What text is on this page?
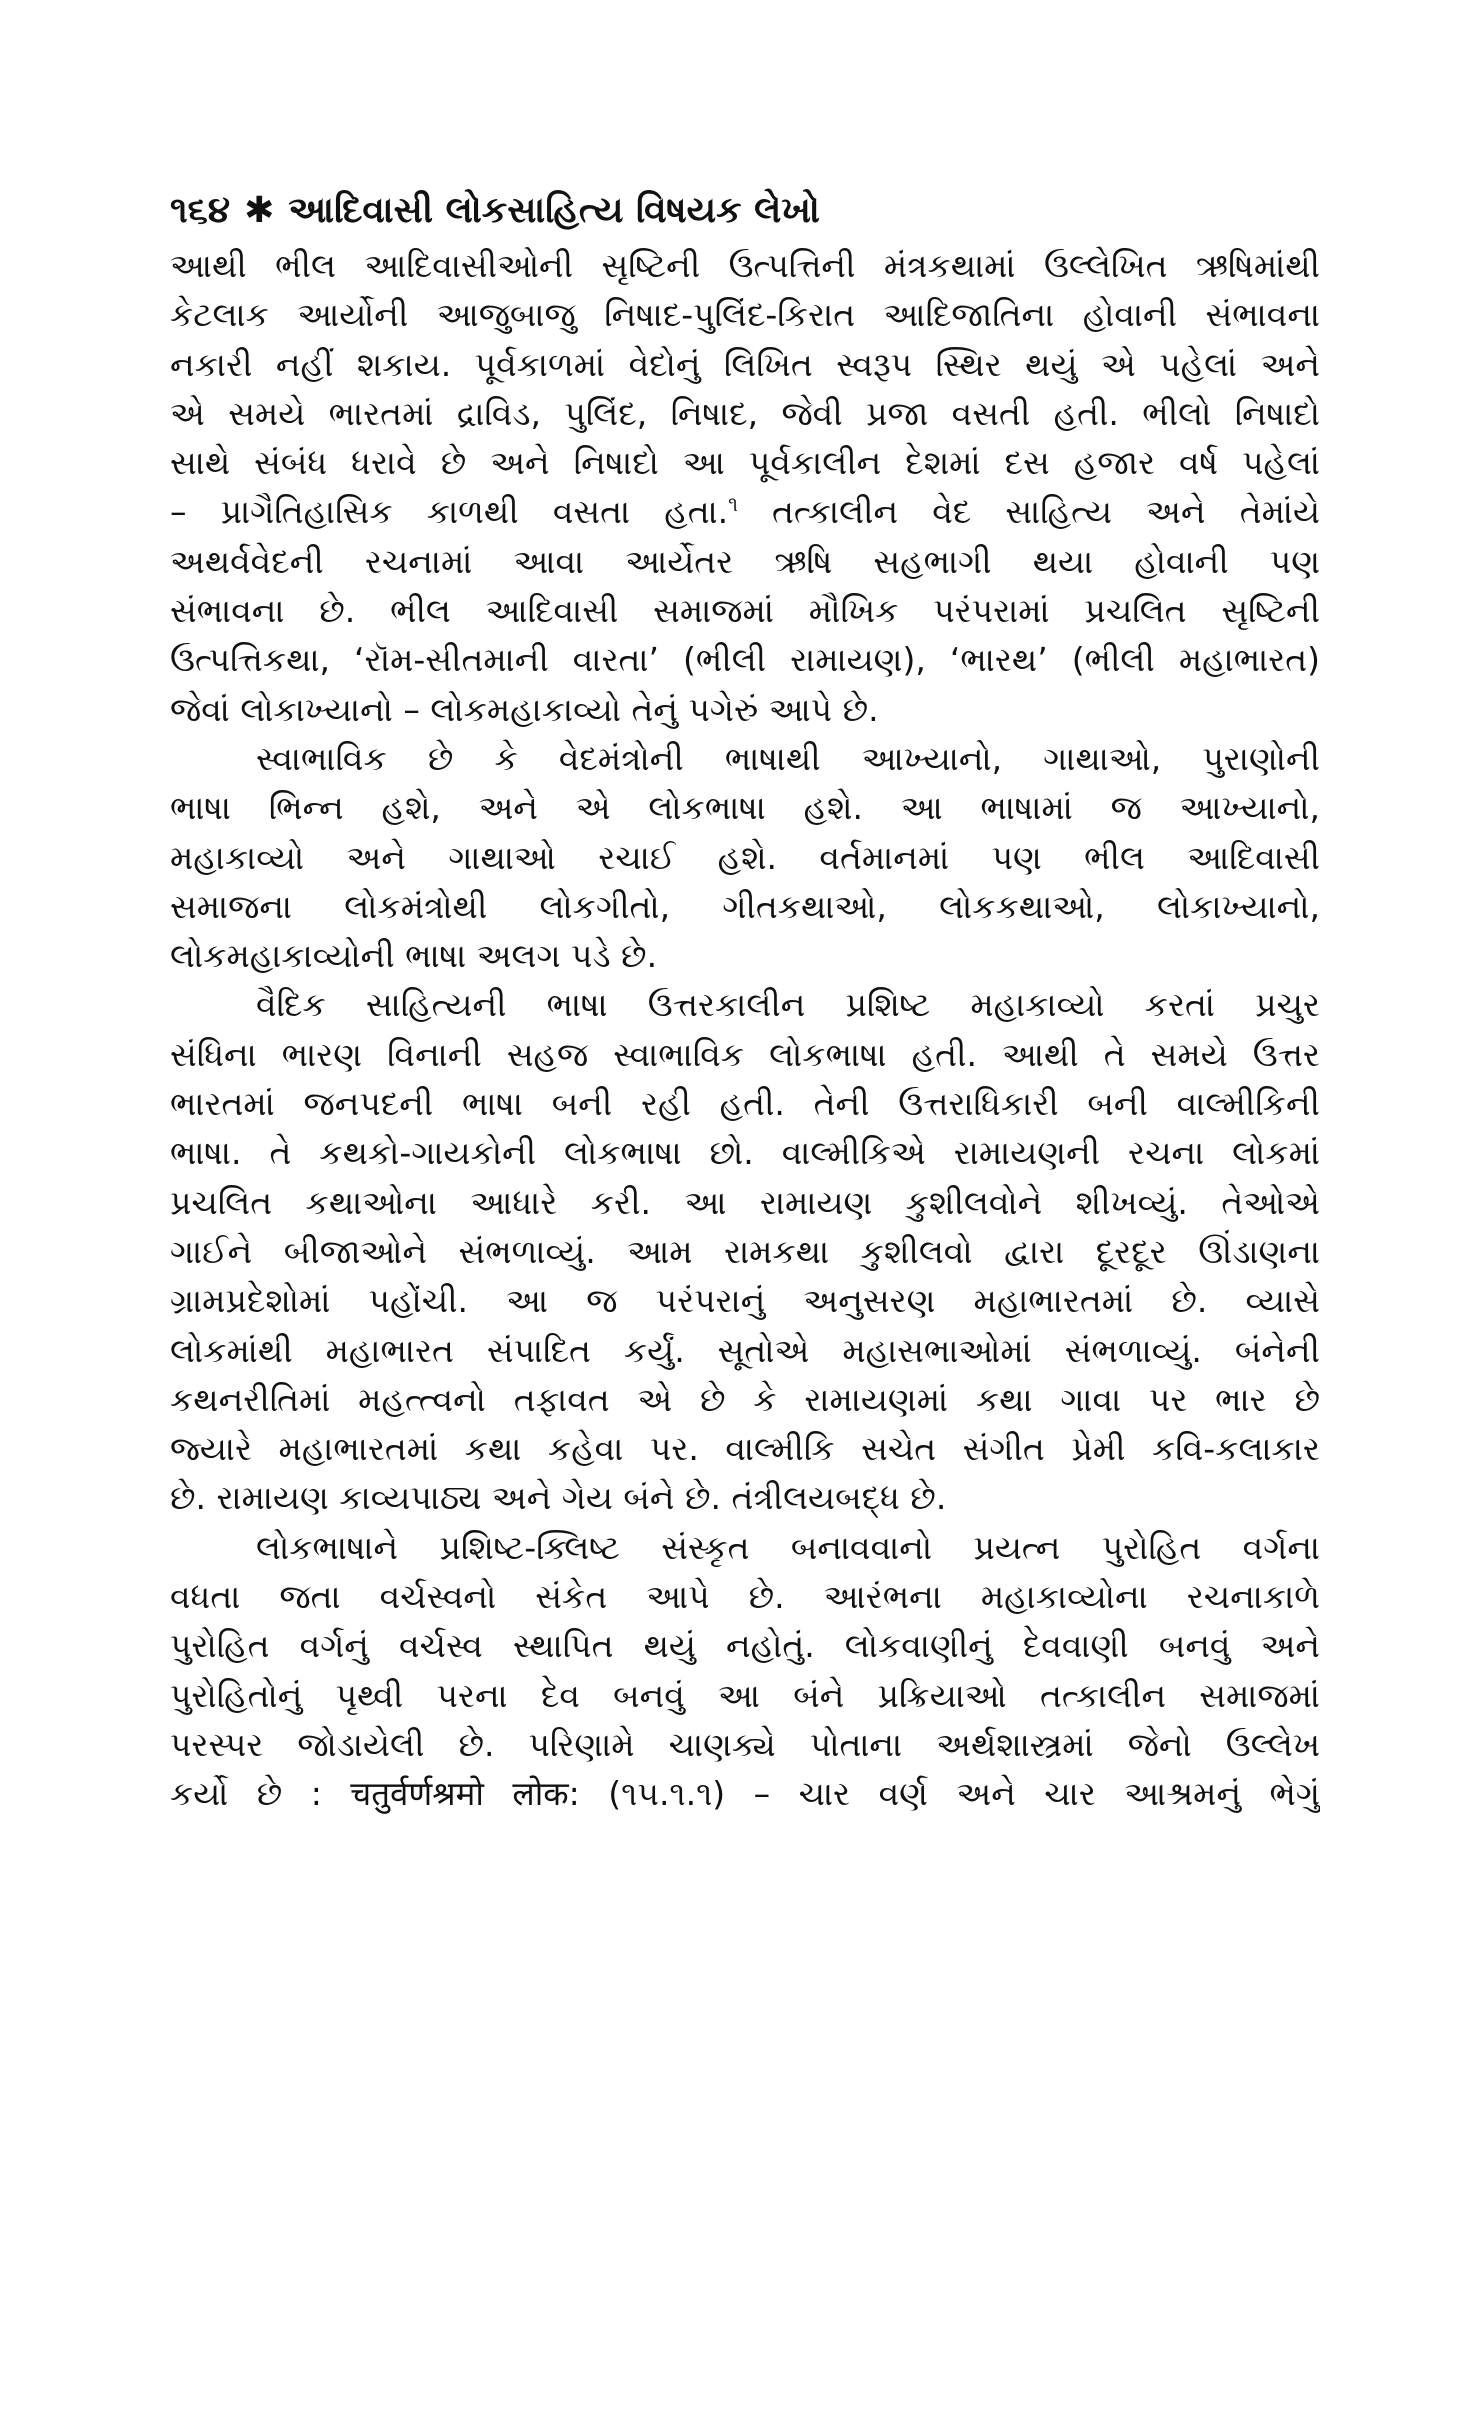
૧૬૪ ✱ આદિવાસી લોકસાહિત્ય વિષયક લેખો
આથી ભીલ આદિવાસીઓની સૃષ્ટિની ઉત્પત્તિની મંત્રકથામાં ઉલ્લેખિત ઋષિમાંથી
કેટલાક આર્યોની આજુબાજુ નિષાદ-પુલિંદ-કિરાત આદિજાતિના હોવાની સંભાવના
નકારી નહીં શકાય. પૂર્વકાળમાં વેદોનું લિખિત સ્વરૂપ સ્થિર થયું એ પહેલાં અને
એ સમયે ભારતમાં દ્રાવિડ, પુલિંદ, નિષાદ, જેવી પ્રજા વસતી હતી. ભીલો નિષાદો
સાથે સંબંધ ધરાવે છે અને નિષાદો આ પૂર્વકાલીન દેશમાં દસ હજાર વર્ષ પહેલાં
– પ્રાગૈતિહાસિક કાળથી વસતા હતા.$^૧$ તત્કાલીન વેદ સાહિત્ય અને તેમાંયે
અથર્વવેદની રચનામાં આવા આર્યેતર ઋષિ સહભાગી થયા હોવાની પણ
સંભાવના છે. ભીલ આદિવાસી સમાજમાં મૌખિક પરંપરામાં પ્રચલિત સૃષ્ટિની
ઉત્પત્તિકથા, ‘રૉમ-સીતમાની વારતા’ (ભીલી રામાયણ), ‘ભારથ’ (ભીલી મહાભારત)
જેવાં લોકાખ્યાનો – લોકમહાકાવ્યો તેનું પગેરું આપે છે.
સ્વાભાવિક છે કે વેદમંત્રોની ભાષાથી આખ્યાનો, ગાથાઓ, પુરાણોની
ભાષા ભિન્ન હશે, અને એ લોકભાષા હશે. આ ભાષામાં જ આખ્યાનો,
મહાકાવ્યો અને ગાથાઓ રચાઈ હશે. વર્તમાનમાં પણ ભીલ આદિવાસી
સમાજના લોકમંત્રોથી લોકગીતો, ગીતકથાઓ, લોકકથાઓ, લોકાખ્યાનો,
લોકમહાકાવ્યોની ભાષા અલગ પડે છે.
વૈદિક સાહિત્યની ભાષા ઉત્તરકાલીન પ્રશિષ્ટ મહાકાવ્યો કરતાં પ્રચુર
સંધિના ભારણ વિનાની સહજ સ્વાભાવિક લોકભાષા હતી. આથી તે સમયે ઉત્તર
ભારતમાં જનપદની ભાષા બની રહી હતી. તેની ઉત્તરાધિકારી બની વાલ્મીકિની
ભાષા. તે કથકો-ગાયકોની લોકભાષા છો. વાલ્મીકિએ રામાયણની રચના લોકમાં
પ્રચલિત કથાઓના આધારે કરી. આ રામાયણ કુશીલવોને શીખવ્યું. તેઓએ
ગાઈને બીજાઓને સંભળાવ્યું. આમ રામકથા કુશીલવો દ્વારા દૂરદૂર ઊંડાણના
ગ્રામપ્રદેશોમાં પહોંચી. આ જ પરંપરાનું અનુસરણ મહાભારતમાં છે. વ્યાસે
લોકમાંથી મહાભારત સંપાદિત કર્યું. સૂતોએ મહાસભાઓમાં સંભળાવ્યું. બંનેની
કથનરીતિમાં મહત્ત્વનો તફાવત એ છે કે રામાયણમાં કથા ગાવા પર ભાર છે
જ્યારે મહાભારતમાં કથા કહેવા પર. વાલ્મીકિ સચેત સંગીત પ્રેમી કવિ-કલાકાર
છે. રામાયણ કાવ્યપાઠ્ય અને ગેય બંને છે. તંત્રીલયબદ્ધ છે.
લોકભાષાને પ્રશિષ્ટ-ક્લિષ્ટ સંસ્કૃત બનાવવાનો પ્રયત્ન પુરોહિત વર્ગના
વધતા જતા વર્ચસ્વનો સંકેત આપે છે. આરંભના મહાકાવ્યોના રચનાકાળે
પુરોહિત વર્ગનું વર્ચસ્વ સ્થાપિત થયું નહોતું. લોકવાણીનું દેવવાણી બનવું અને
પુરોહિતોનું પૃથ્વી પરના દેવ બનવું આ બંને પ્રક્રિયાઓ તત્કાલીન સમાજમાં
પરસ્પર જોડાયેલી છે. પરિણામે ચાણક્યે પોતાના અર્થશાસ્ત્રમાં જેનો ઉલ્લેખ
કર્યો છે : चतुर्वर्णश्रमो लोक: (૧૫.૧.૧) – ચાર વર્ણ અને ચાર આશ્રમનું ભેગું
